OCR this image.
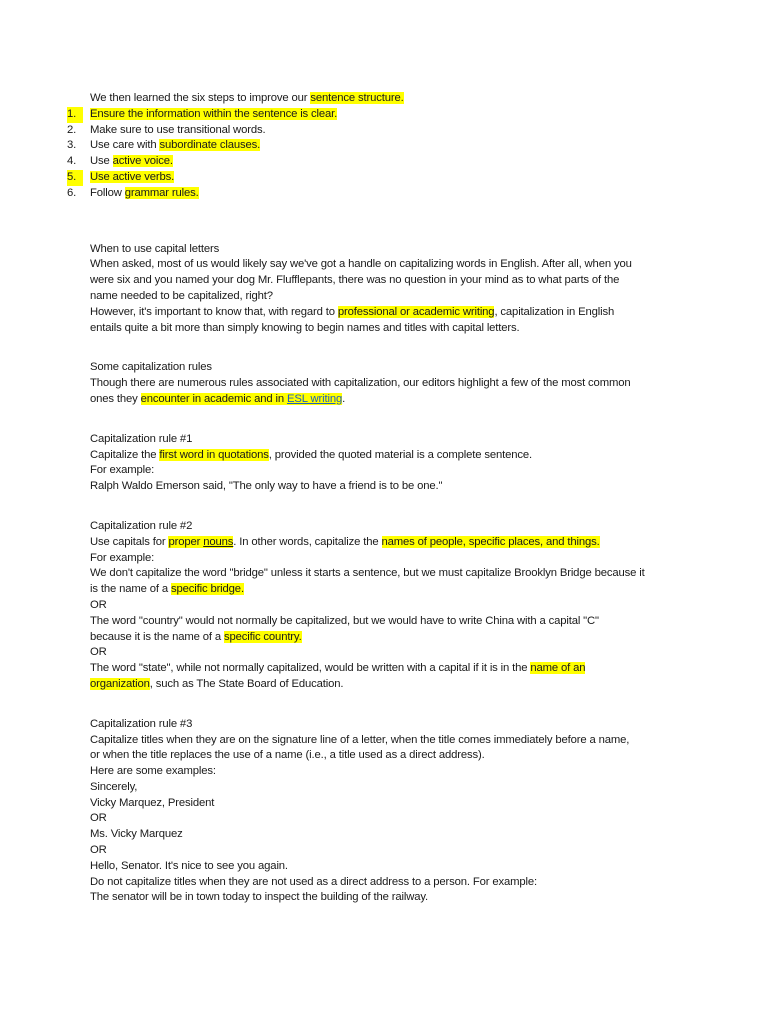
We then learned the six steps to improve our sentence structure.
1.	Ensure the information within the sentence is clear.
2.	Make sure to use transitional words.
3.	Use care with subordinate clauses.
4.	Use active voice.
5.	Use active verbs.
6.	Follow grammar rules.
When to use capital letters
When asked, most of us would likely say we've got a handle on capitalizing words in English. After all, when you
were six and you named your dog Mr. Flufflepants, there was no question in your mind as to what parts of the
name needed to be capitalized, right?
However, it's important to know that, with regard to professional or academic writing, capitalization in English
entails quite a bit more than simply knowing to begin names and titles with capital letters.
Some capitalization rules
Though there are numerous rules associated with capitalization, our editors highlight a few of the most common
ones they encounter in academic and in ESL writing.
Capitalization rule #1
Capitalize the first word in quotations, provided the quoted material is a complete sentence.
For example:
Ralph Waldo Emerson said, "The only way to have a friend is to be one."
Capitalization rule #2
Use capitals for proper nouns. In other words, capitalize the names of people, specific places, and things.
For example:
We don't capitalize the word "bridge" unless it starts a sentence, but we must capitalize Brooklyn Bridge because it
is the name of a specific bridge.
OR
The word "country" would not normally be capitalized, but we would have to write China with a capital "C"
because it is the name of a specific country.
OR
The word "state", while not normally capitalized, would be written with a capital if it is in the name of an
organization, such as The State Board of Education.
Capitalization rule #3
Capitalize titles when they are on the signature line of a letter, when the title comes immediately before a name,
or when the title replaces the use of a name (i.e., a title used as a direct address).
Here are some examples:
Sincerely,
Vicky Marquez, President
OR
Ms. Vicky Marquez
OR
Hello, Senator. It's nice to see you again.
Do not capitalize titles when they are not used as a direct address to a person. For example:
The senator will be in town today to inspect the building of the railway.
